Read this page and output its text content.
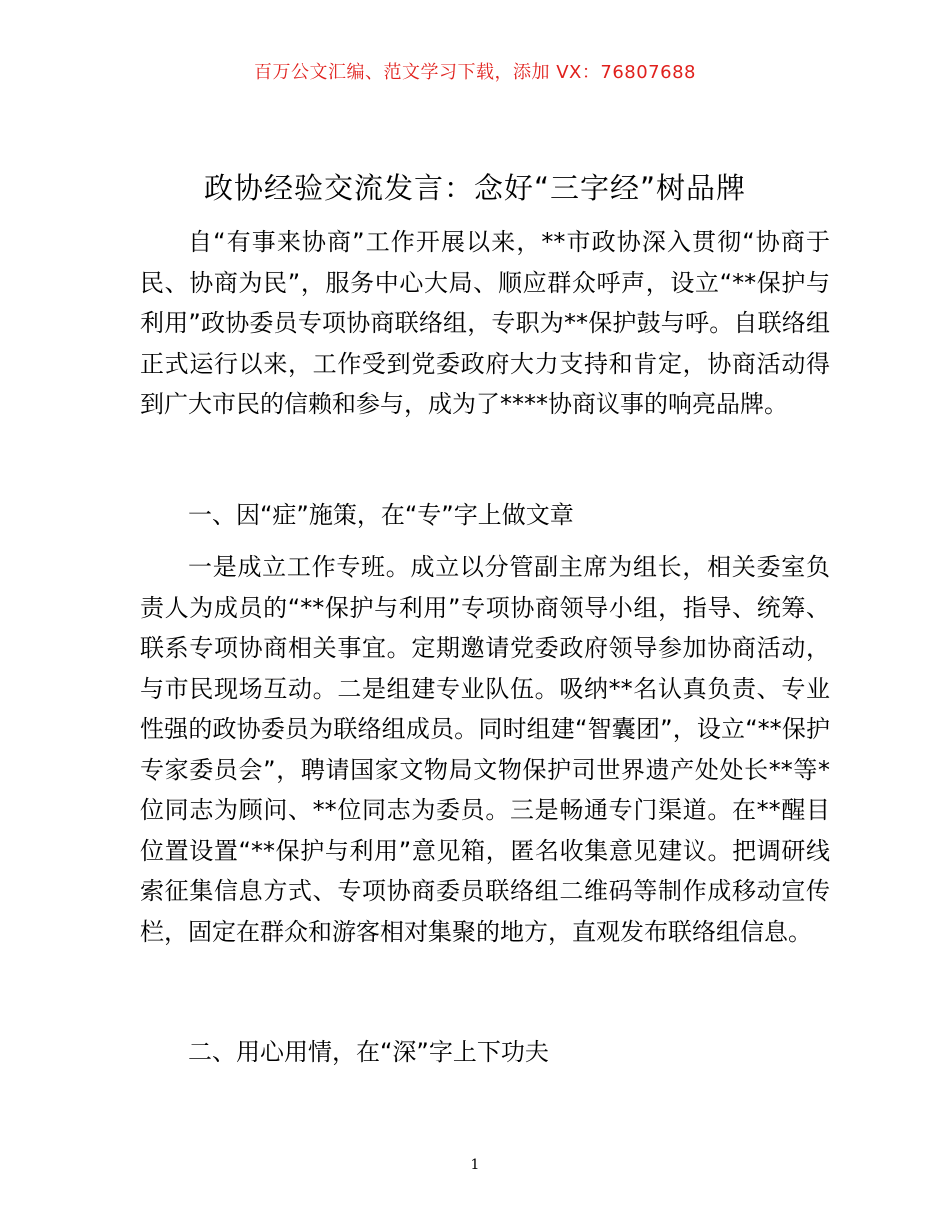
百万公文汇编、范文学习下载，添加 VX：76807688
政协经验交流发言：念好“三字经”树品牌

自“有事来协商”工作开展以来，**市政协深入贯彻“协商于民、协商为民”，服务中心大局、顺应群众呼声，设立“**保护与利用”政协委员专项协商联络组，专职为**保护鼓与呼。自联络组正式运行以来，工作受到党委政府大力支持和肯定，协商活动得到广大市民的信赖和参与，成为了****协商议事的响亮品牌。

一、因“症”施策，在“专”字上做文章

一是成立工作专班。成立以分管副主席为组长，相关委室负责人为成员的“**保护与利用”专项协商领导小组，指导、统筹、联系专项协商相关事宜。定期邀请党委政府领导参加协商活动，与市民现场互动。二是组建专业队伍。吸纳**名认真负责、专业性强的政协委员为联络组成员。同时组建“智囊团”，设立“**保护专家委员会”，聘请国家文物局文物保护司世界遗产处处长**等*位同志为顾问、**位同志为委员。三是畅通专门渠道。在**醒目位置设置“**保护与利用”意见箱，匿名收集意见建议。把调研线索征集信息方式、专项协商委员联络组二维码等制作成移动宣传栏，固定在群众和游客相对集聚的地方，直观发布联络组信息。

二、用心用情，在“深”字上下功夫

1
